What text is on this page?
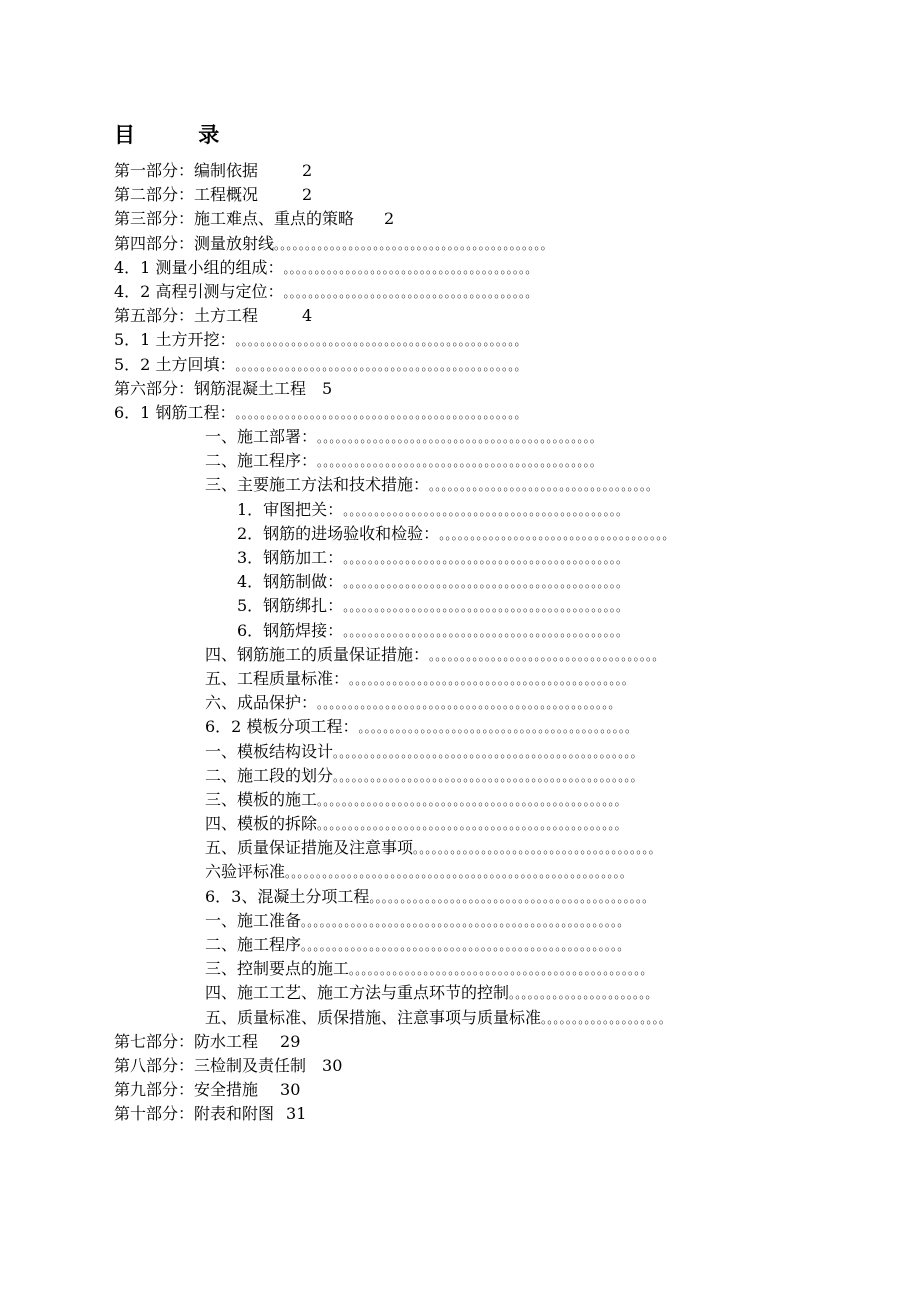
目 录
第一部分：编制依据	2
第二部分：工程概况	2
第三部分：施工难点、重点的策略 2
第四部分：测量放射线。。。。。。。。。。。。。。。。。。。。。。。。。。。。。。。。。。。。。。。。。。。。
4．1 测量小组的组成：。。。。。。。。。。。。。。。。。。。。。。。。。。。。。。。。。。。。。。。。
4．2 高程引测与定位：。。。。。。。。。。。。。。。。。。。。。。。。。。。。。。。。。。。。。。。。
第五部分：土方工程	4
5．1 土方开挖：。。。。。。。。。。。。。。。。。。。。。。。。。。。。。。。。。。。。。。。。。。。。。。
5．2 土方回填：。。。。。。。。。。。。。。。。。。。。。。。。。。。。。。。。。。。。。。。。。。。。。。
第六部分：钢筋混凝土工程 5
6．1 钢筋工程：。。。。。。。。。。。。。。。。。。。。。。。。。。。。。。。。。。。。。。。。。。。。。。
一、施工部署：。。。。。。。。。。。。。。。。。。。。。。。。。。。。。。。。。。。。。。。。。。。。。
二、施工程序：。。。。。。。。。。。。。。。。。。。。。。。。。。。。。。。。。。。。。。。。。。。。。
三、主要施工方法和技术措施：。。。。。。。。。。。。。。。。。。。。。。。。。。。。。。。。。。。。
1．审图把关：。。。。。。。。。。。。。。。。。。。。。。。。。。。。。。。。。。。。。。。。。。。。。
2．钢筋的进场验收和检验：。。。。。。。。。。。。。。。。。。。。。。。。。。。。。。。。。。。。。
3．钢筋加工：。。。。。。。。。。。。。。。。。。。。。。。。。。。。。。。。。。。。。。。。。。。。。
4．钢筋制做：。。。。。。。。。。。。。。。。。。。。。。。。。。。。。。。。。。。。。。。。。。。。。
5．钢筋绑扎：。。。。。。。。。。。。。。。。。。。。。。。。。。。。。。。。。。。。。。。。。。。。。
6．钢筋焊接：。。。。。。。。。。。。。。。。。。。。。。。。。。。。。。。。。。。。。。。。。。。。。
四、钢筋施工的质量保证措施：。。。。。。。。。。。。。。。。。。。。。。。。。。。。。。。。。。。。。
五、工程质量标准：。。。。。。。。。。。。。。。。。。。。。。。。。。。。。。。。。。。。。。。。。。。。。
六、成品保护：。。。。。。。。。。。。。。。。。。。。。。。。。。。。。。。。。。。。。。。。。。。。。。。。
6．2 模板分项工程：。。。。。。。。。。。。。。。。。。。。。。。。。。。。。。。。。。。。。。。。。。。。
一、模板结构设计。。。。。。。。。。。。。。。。。。。。。。。。。。。。。。。。。。。。。。。。。。。。。。。。。
二、施工段的划分。。。。。。。。。。。。。。。。。。。。。。。。。。。。。。。。。。。。。。。。。。。。。。。。。
三、模板的施工。。。。。。。。。。。。。。。。。。。。。。。。。。。。。。。。。。。。。。。。。。。。。。。。。
四、模板的拆除。。。。。。。。。。。。。。。。。。。。。。。。。。。。。。。。。。。。。。。。。。。。。。。。。
五、质量保证措施及注意事项。。。。。。。。。。。。。。。。。。。。。。。。。。。。。。。。。。。。。。。
六验评标准。。。。。。。。。。。。。。。。。。。。。。。。。。。。。。。。。。。。。。。。。。。。。。。。。。。。。。。
6．3、混凝土分项工程。。。。。。。。。。。。。。。。。。。。。。。。。。。。。。。。。。。。。。。。。。。。。
一、施工准备。。。。。。。。。。。。。。。。。。。。。。。。。。。。。。。。。。。。。。。。。。。。。。。。。。。。
二、施工程序。。。。。。。。。。。。。。。。。。。。。。。。。。。。。。。。。。。。。。。。。。。。。。。。。。。。
三、控制要点的施工。。。。。。。。。。。。。。。。。。。。。。。。。。。。。。。。。。。。。。。。。。。。。。。。
四、施工工艺、施工方法与重点环节的控制。。。。。。。。。。。。。。。。。。。。。。。
五、质量标准、质保措施、注意事项与质量标准。。。。。。。。。。。。。。。。。。。。
第七部分：防水工程 29
第八部分：三检制及责任制 30
第九部分：安全措施 30
第十部分：附表和附图 31
